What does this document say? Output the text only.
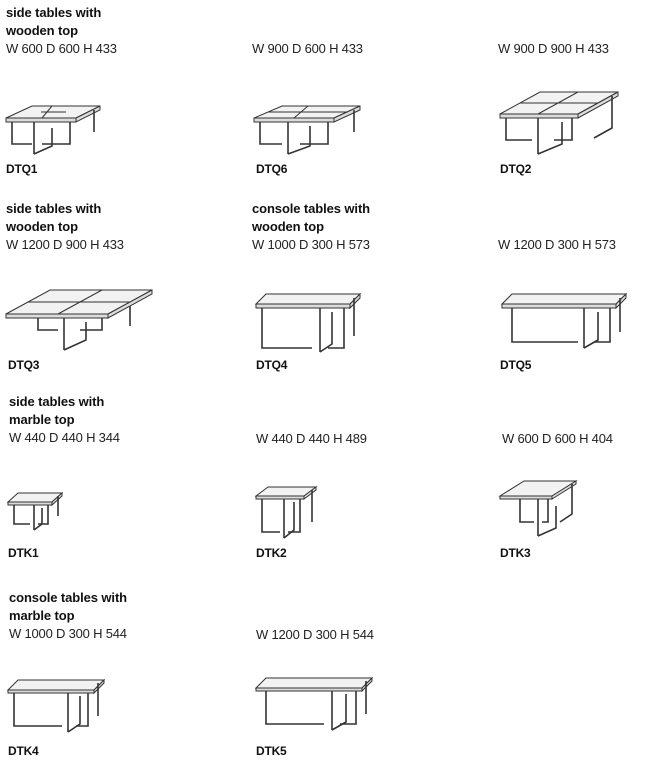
side tables with
wooden top
W 600 D 600 H 433	W 900 D 600 H 433	W 900 D 900 H 433
DTQ1	DTQ6	DTQ2
side tables with
wooden top
W 1200 D 900 H 433
console tables with
wooden top
W 1000 D 300 H 573	W 1200 D 300 H 573
DTQ3	DTQ4	DTQ5
side tables with
marble top
W 440 D 440 H 344	W 440 D 440 H 489	W 600 D 600 H 404
DTK1	DTK2	DTK3
console tables with
marble top
W 1000 D 300 H 544	W 1200 D 300 H 544
DTK4	DTK5
